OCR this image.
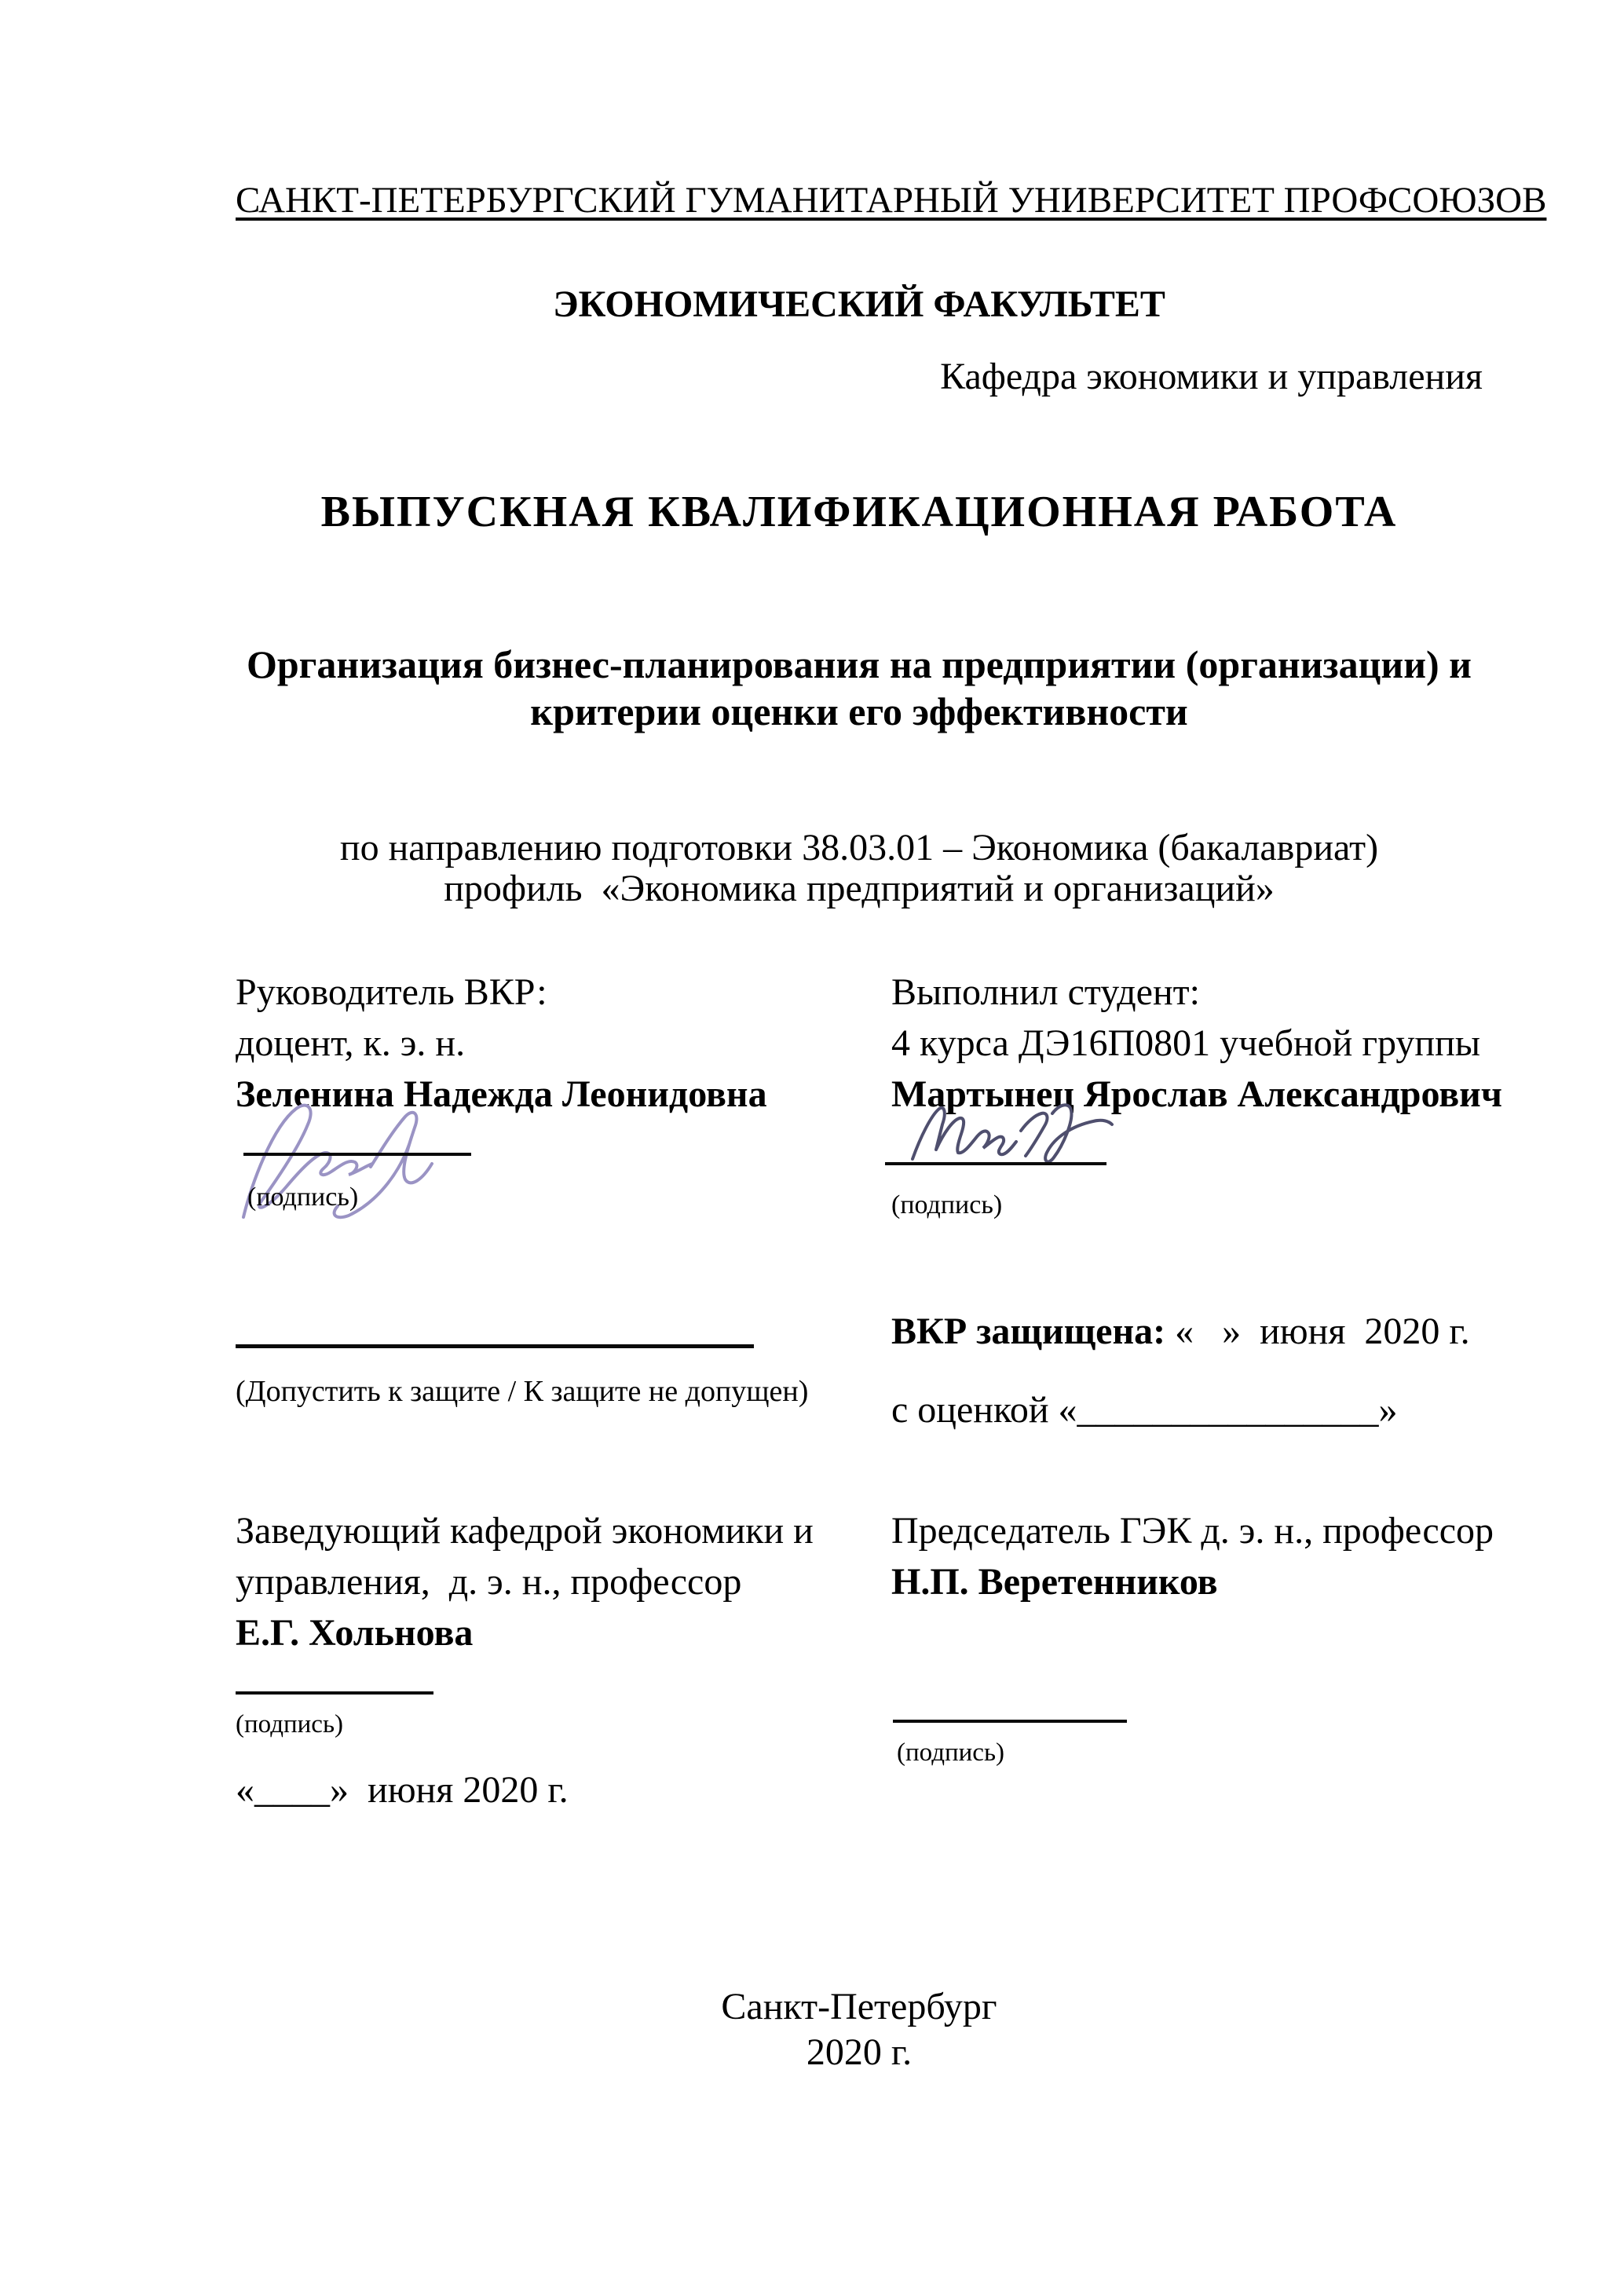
САНКТ-ПЕТЕРБУРГСКИЙ ГУМАНИТАРНЫЙ УНИВЕРСИТЕТ ПРОФСОЮЗОВ
ЭКОНОМИЧЕСКИЙ ФАКУЛЬТЕТ
Кафедра экономики и управления
ВЫПУСКНАЯ КВАЛИФИКАЦИОННАЯ РАБОТА
Организация бизнес-планирования на предприятии (организации) и
критерии оценки его эффективности
по направлению подготовки 38.03.01 – Экономика (бакалавриат)
профиль  «Экономика предприятий и организаций»
Руководитель ВКР:
доцент, к. э. н.
Зеленина Надежда Леонидовна
(подпись)
Выполнил студент:
4 курса ДЭ16П0801 учебной группы
Мартынец Ярослав Александрович
(подпись)
(Допустить к защите / К защите не допущен)
ВКР защищена: «   »  июня  2020 г.
с оценкой «________________»
Заведующий кафедрой экономики и
управления,  д. э. н., профессор
Е.Г. Хольнова
(подпись)
«____»  июня 2020 г.
Председатель ГЭК д. э. н., профессор
Н.П. Веретенников
(подпись)
Санкт-Петербург
2020 г.
